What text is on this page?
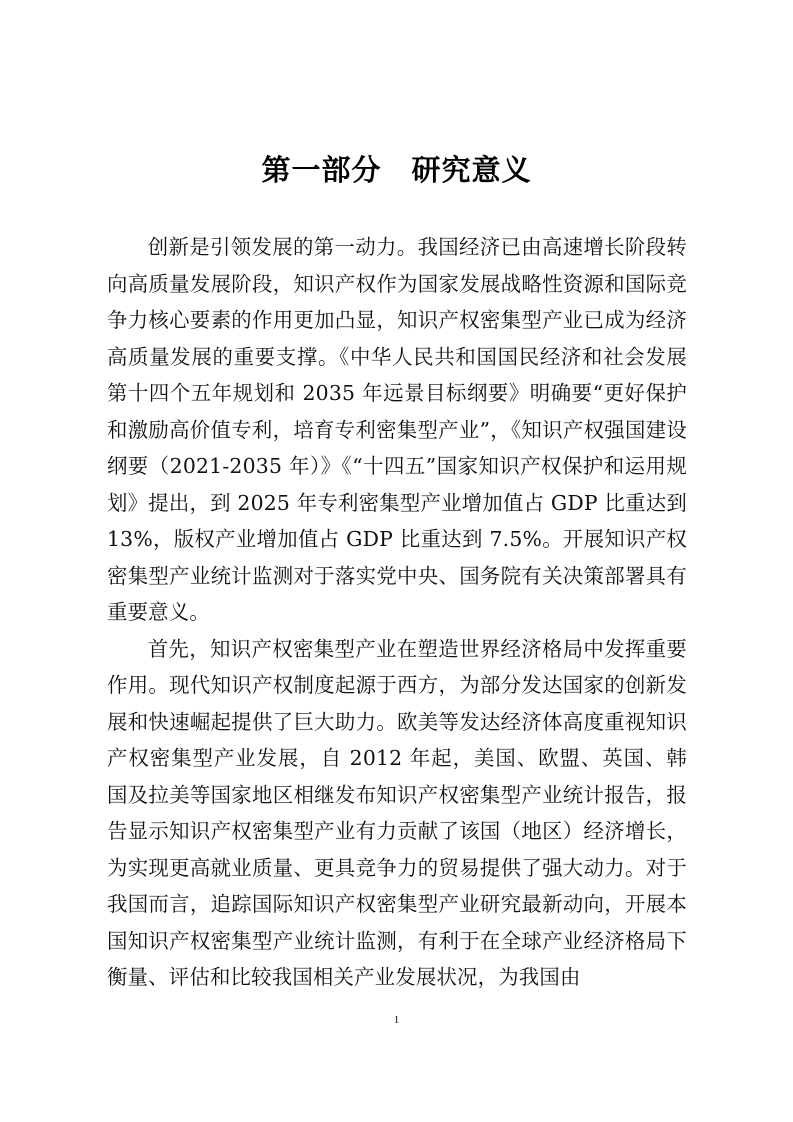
第一部分　研究意义

创新是引领发展的第一动力。我国经济已由高速增长阶段转向高质量发展阶段，知识产权作为国家发展战略性资源和国际竞争力核心要素的作用更加凸显，知识产权密集型产业已成为经济高质量发展的重要支撑。《中华人民共和国国民经济和社会发展第十四个五年规划和 2035 年远景目标纲要》明确要“更好保护和激励高价值专利，培育专利密集型产业”，《知识产权强国建设纲要（2021-2035 年）》《“十四五”国家知识产权保护和运用规划》提出，到 2025 年专利密集型产业增加值占 GDP 比重达到 13%，版权产业增加值占 GDP 比重达到 7.5%。开展知识产权密集型产业统计监测对于落实党中央、国务院有关决策部署具有重要意义。

首先，知识产权密集型产业在塑造世界经济格局中发挥重要作用。现代知识产权制度起源于西方，为部分发达国家的创新发展和快速崛起提供了巨大助力。欧美等发达经济体高度重视知识产权密集型产业发展，自 2012 年起，美国、欧盟、英国、韩国及拉美等国家地区相继发布知识产权密集型产业统计报告，报告显示知识产权密集型产业有力贡献了该国（地区）经济增长，为实现更高就业质量、更具竞争力的贸易提供了强大动力。对于我国而言，追踪国际知识产权密集型产业研究最新动向，开展本国知识产权密集型产业统计监测，有利于在全球产业经济格局下衡量、评估和比较我国相关产业发展状况，为我国由

1
